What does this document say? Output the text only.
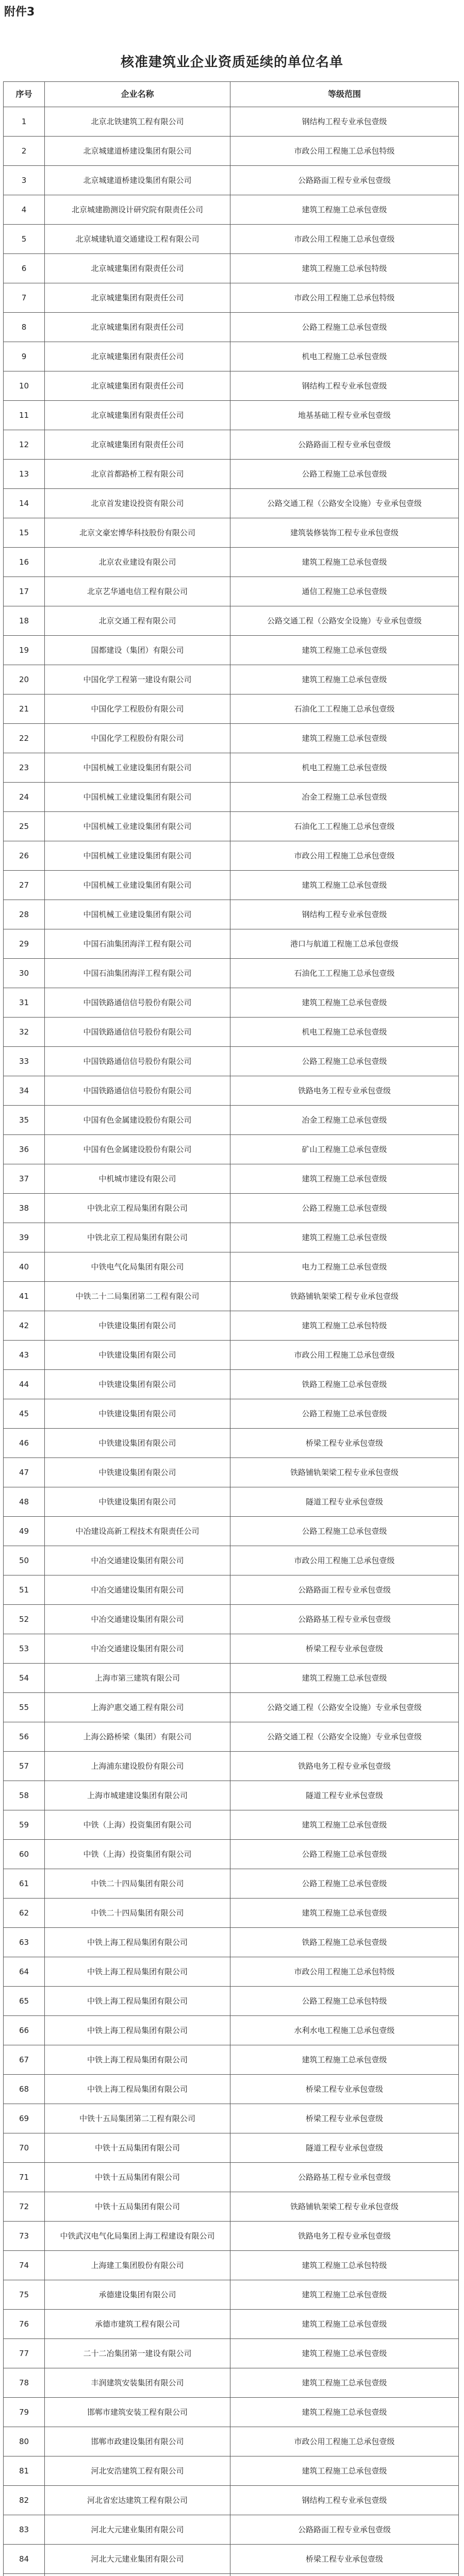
附件3
核准建筑业企业资质延续的单位名单
序号	企业名称	等级范围
1	北京北铁建筑工程有限公司	钢结构工程专业承包壹级
2	北京城建道桥建设集团有限公司	市政公用工程施工总承包特级
3	北京城建道桥建设集团有限公司	公路路面工程专业承包壹级
4	北京城建勘测设计研究院有限责任公司	建筑工程施工总承包壹级
5	北京城建轨道交通建设工程有限公司	市政公用工程施工总承包壹级
6	北京城建集团有限责任公司	建筑工程施工总承包特级
7	北京城建集团有限责任公司	市政公用工程施工总承包特级
8	北京城建集团有限责任公司	公路工程施工总承包壹级
9	北京城建集团有限责任公司	机电工程施工总承包壹级
10	北京城建集团有限责任公司	钢结构工程专业承包壹级
11	北京城建集团有限责任公司	地基基础工程专业承包壹级
12	北京城建集团有限责任公司	公路路面工程专业承包壹级
13	北京首都路桥工程有限公司	公路工程施工总承包壹级
14	北京首发建设投资有限公司	公路交通工程（公路安全设施）专业承包壹级
15	北京文豪宏博华科技股份有限公司	建筑装修装饰工程专业承包壹级
16	北京农业建设有限公司	建筑工程施工总承包壹级
17	北京艺华通电信工程有限公司	通信工程施工总承包壹级
18	北京交通工程有限公司	公路交通工程（公路安全设施）专业承包壹级
19	国都建设（集团）有限公司	建筑工程施工总承包壹级
20	中国化学工程第一建设有限公司	建筑工程施工总承包壹级
21	中国化学工程股份有限公司	石油化工工程施工总承包壹级
22	中国化学工程股份有限公司	建筑工程施工总承包壹级
23	中国机械工业建设集团有限公司	机电工程施工总承包壹级
24	中国机械工业建设集团有限公司	冶金工程施工总承包壹级
25	中国机械工业建设集团有限公司	石油化工工程施工总承包壹级
26	中国机械工业建设集团有限公司	市政公用工程施工总承包壹级
27	中国机械工业建设集团有限公司	建筑工程施工总承包壹级
28	中国机械工业建设集团有限公司	钢结构工程专业承包壹级
29	中国石油集团海洋工程有限公司	港口与航道工程施工总承包壹级
30	中国石油集团海洋工程有限公司	石油化工工程施工总承包壹级
31	中国铁路通信信号股份有限公司	建筑工程施工总承包壹级
32	中国铁路通信信号股份有限公司	机电工程施工总承包壹级
33	中国铁路通信信号股份有限公司	公路工程施工总承包壹级
34	中国铁路通信信号股份有限公司	铁路电务工程专业承包壹级
35	中国有色金属建设股份有限公司	冶金工程施工总承包壹级
36	中国有色金属建设股份有限公司	矿山工程施工总承包壹级
37	中机城市建设有限公司	建筑工程施工总承包壹级
38	中铁北京工程局集团有限公司	公路工程施工总承包壹级
39	中铁北京工程局集团有限公司	建筑工程施工总承包壹级
40	中铁电气化局集团有限公司	电力工程施工总承包壹级
41	中铁二十二局集团第二工程有限公司	铁路铺轨架梁工程专业承包壹级
42	中铁建设集团有限公司	建筑工程施工总承包特级
43	中铁建设集团有限公司	市政公用工程施工总承包壹级
44	中铁建设集团有限公司	铁路工程施工总承包壹级
45	中铁建设集团有限公司	公路工程施工总承包壹级
46	中铁建设集团有限公司	桥梁工程专业承包壹级
47	中铁建设集团有限公司	铁路铺轨架梁工程专业承包壹级
48	中铁建设集团有限公司	隧道工程专业承包壹级
49	中冶建设高新工程技术有限责任公司	公路工程施工总承包壹级
50	中冶交通建设集团有限公司	市政公用工程施工总承包壹级
51	中冶交通建设集团有限公司	公路路面工程专业承包壹级
52	中冶交通建设集团有限公司	公路路基工程专业承包壹级
53	中冶交通建设集团有限公司	桥梁工程专业承包壹级
54	上海市第三建筑有限公司	建筑工程施工总承包壹级
55	上海沪惠交通工程有限公司	公路交通工程（公路安全设施）专业承包壹级
56	上海公路桥梁（集团）有限公司	公路交通工程（公路安全设施）专业承包壹级
57	上海浦东建设股份有限公司	铁路电务工程专业承包壹级
58	上海市城建建设集团有限公司	隧道工程专业承包壹级
59	中铁（上海）投资集团有限公司	建筑工程施工总承包壹级
60	中铁（上海）投资集团有限公司	公路工程施工总承包壹级
61	中铁二十四局集团有限公司	公路工程施工总承包壹级
62	中铁二十四局集团有限公司	建筑工程施工总承包壹级
63	中铁上海工程局集团有限公司	铁路工程施工总承包壹级
64	中铁上海工程局集团有限公司	市政公用工程施工总承包特级
65	中铁上海工程局集团有限公司	公路工程施工总承包特级
66	中铁上海工程局集团有限公司	水利水电工程施工总承包壹级
67	中铁上海工程局集团有限公司	建筑工程施工总承包壹级
68	中铁上海工程局集团有限公司	桥梁工程专业承包壹级
69	中铁十五局集团第二工程有限公司	桥梁工程专业承包壹级
70	中铁十五局集团有限公司	隧道工程专业承包壹级
71	中铁十五局集团有限公司	公路路基工程专业承包壹级
72	中铁十五局集团有限公司	铁路铺轨架梁工程专业承包壹级
73	中铁武汉电气化局集团上海工程建设有限公司	铁路电务工程专业承包壹级
74	上海建工集团股份有限公司	建筑工程施工总承包特级
75	承德建设集团有限公司	建筑工程施工总承包壹级
76	承德市建筑工程有限公司	建筑工程施工总承包壹级
77	二十二冶集团第一建设有限公司	建筑工程施工总承包壹级
78	丰润建筑安装集团有限公司	建筑工程施工总承包壹级
79	邯郸市建筑安装工程有限公司	建筑工程施工总承包壹级
80	邯郸市政建设集团有限公司	市政公用工程施工总承包壹级
81	河北安浩建筑工程有限公司	建筑工程施工总承包壹级
82	河北省宏达建筑工程有限公司	钢结构工程专业承包壹级
83	河北大元建业集团有限公司	公路路面工程专业承包壹级
84	河北大元建业集团有限公司	桥梁工程专业承包壹级
